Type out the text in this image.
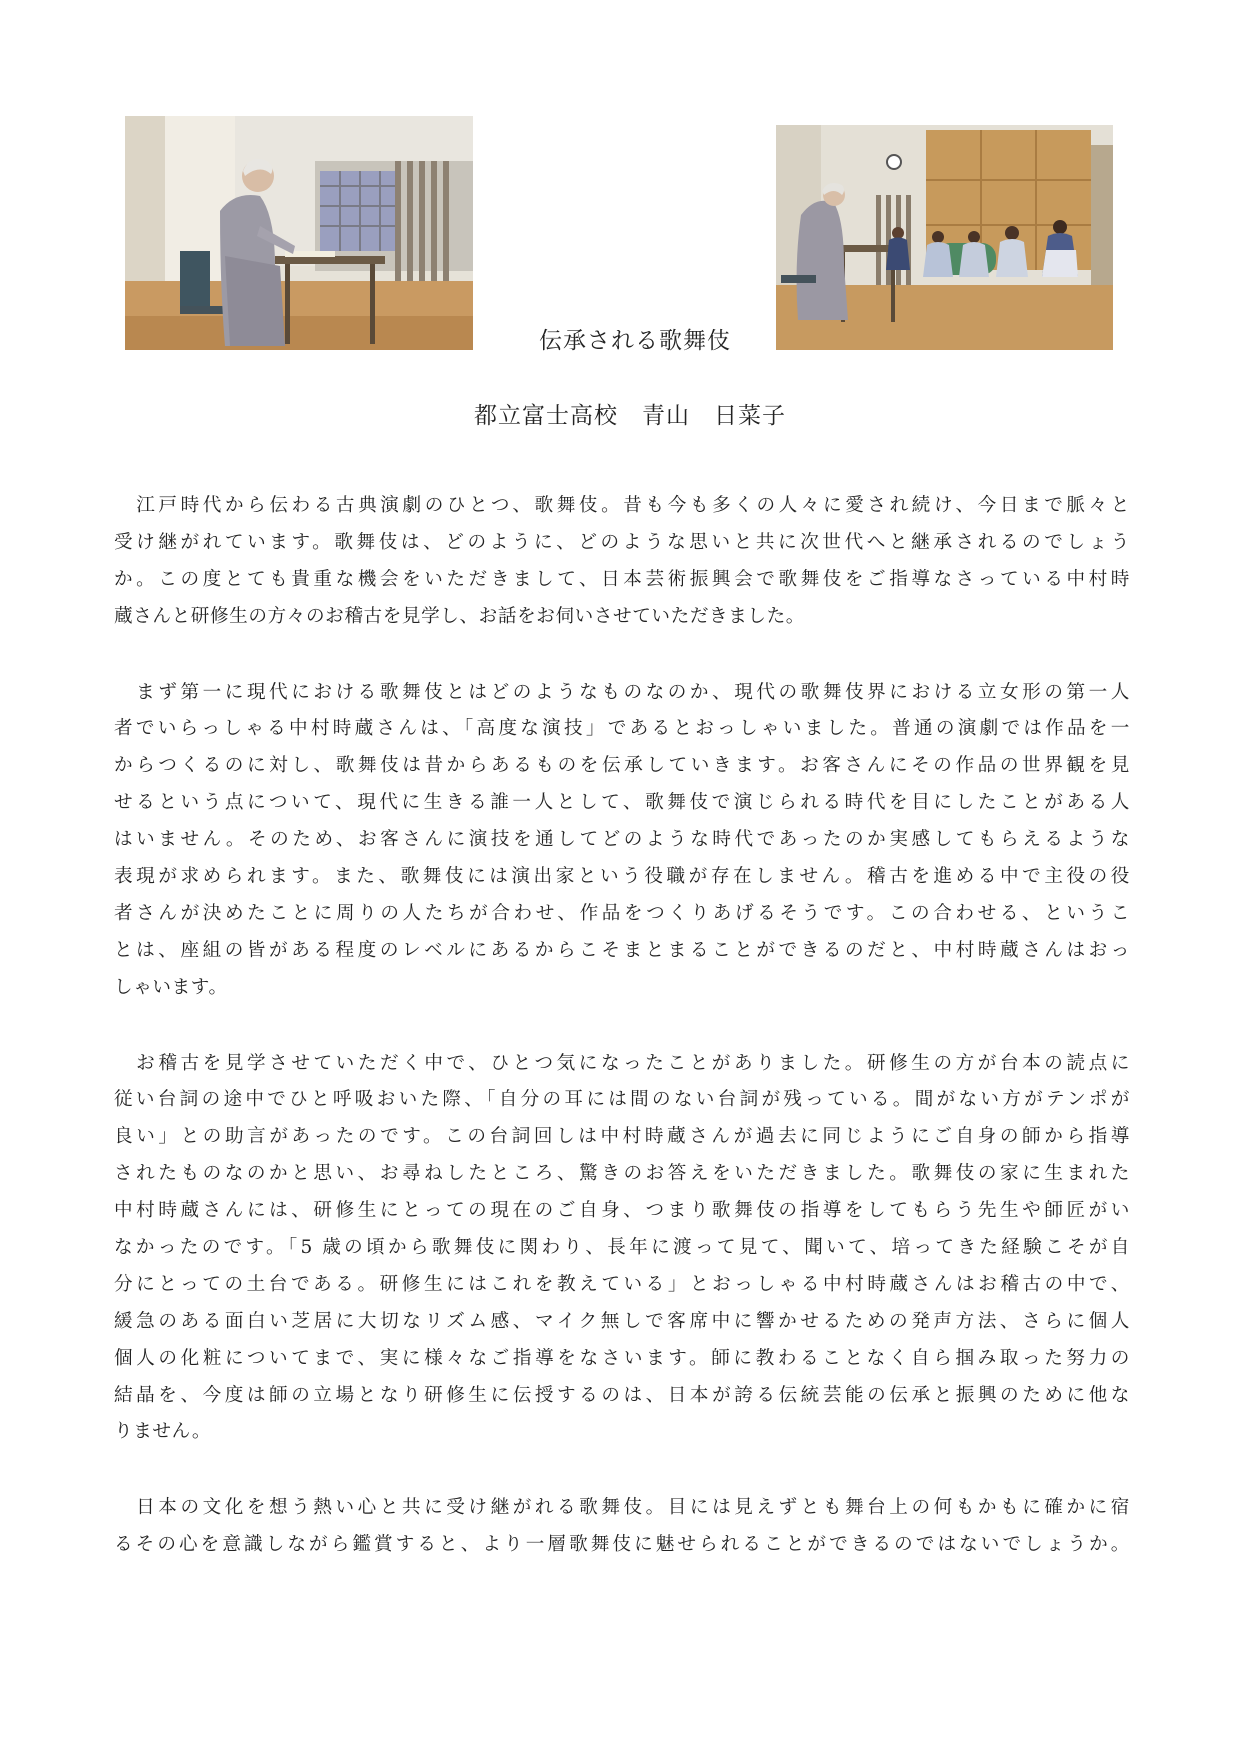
伝承される歌舞伎
都立富士高校　青山　日菜子
　江戸時代から伝わる古典演劇のひとつ、歌舞伎。昔も今も多くの人々に愛され続け、今日まで脈々と
受け継がれています。歌舞伎は、どのように、どのような思いと共に次世代へと継承されるのでしょう
か。この度とても貴重な機会をいただきまして、日本芸術振興会で歌舞伎をご指導なさっている中村時
蔵さんと研修生の方々のお稽古を見学し、お話をお伺いさせていただきました。
　まず第一に現代における歌舞伎とはどのようなものなのか、現代の歌舞伎界における立女形の第一人
者でいらっしゃる中村時蔵さんは、「高度な演技」であるとおっしゃいました。普通の演劇では作品を一
からつくるのに対し、歌舞伎は昔からあるものを伝承していきます。お客さんにその作品の世界観を見
せるという点について、現代に生きる誰一人として、歌舞伎で演じられる時代を目にしたことがある人
はいません。そのため、お客さんに演技を通してどのような時代であったのか実感してもらえるような
表現が求められます。また、歌舞伎には演出家という役職が存在しません。稽古を進める中で主役の役
者さんが決めたことに周りの人たちが合わせ、作品をつくりあげるそうです。この合わせる、というこ
とは、座組の皆がある程度のレベルにあるからこそまとまることができるのだと、中村時蔵さんはおっ
しゃいます。
　お稽古を見学させていただく中で、ひとつ気になったことがありました。研修生の方が台本の読点に
従い台詞の途中でひと呼吸おいた際、「自分の耳には間のない台詞が残っている。間がない方がテンポが
良い」との助言があったのです。この台詞回しは中村時蔵さんが過去に同じようにご自身の師から指導
されたものなのかと思い、お尋ねしたところ、驚きのお答えをいただきました。歌舞伎の家に生まれた
中村時蔵さんには、研修生にとっての現在のご自身、つまり歌舞伎の指導をしてもらう先生や師匠がい
なかったのです。「5 歳の頃から歌舞伎に関わり、長年に渡って見て、聞いて、培ってきた経験こそが自
分にとっての土台である。研修生にはこれを教えている」とおっしゃる中村時蔵さんはお稽古の中で、
緩急のある面白い芝居に大切なリズム感、マイク無しで客席中に響かせるための発声方法、さらに個人
個人の化粧についてまで、実に様々なご指導をなさいます。師に教わることなく自ら掴み取った努力の
結晶を、今度は師の立場となり研修生に伝授するのは、日本が誇る伝統芸能の伝承と振興のために他な
りません。
　日本の文化を想う熱い心と共に受け継がれる歌舞伎。目には見えずとも舞台上の何もかもに確かに宿
るその心を意識しながら鑑賞すると、より一層歌舞伎に魅せられることができるのではないでしょうか。
